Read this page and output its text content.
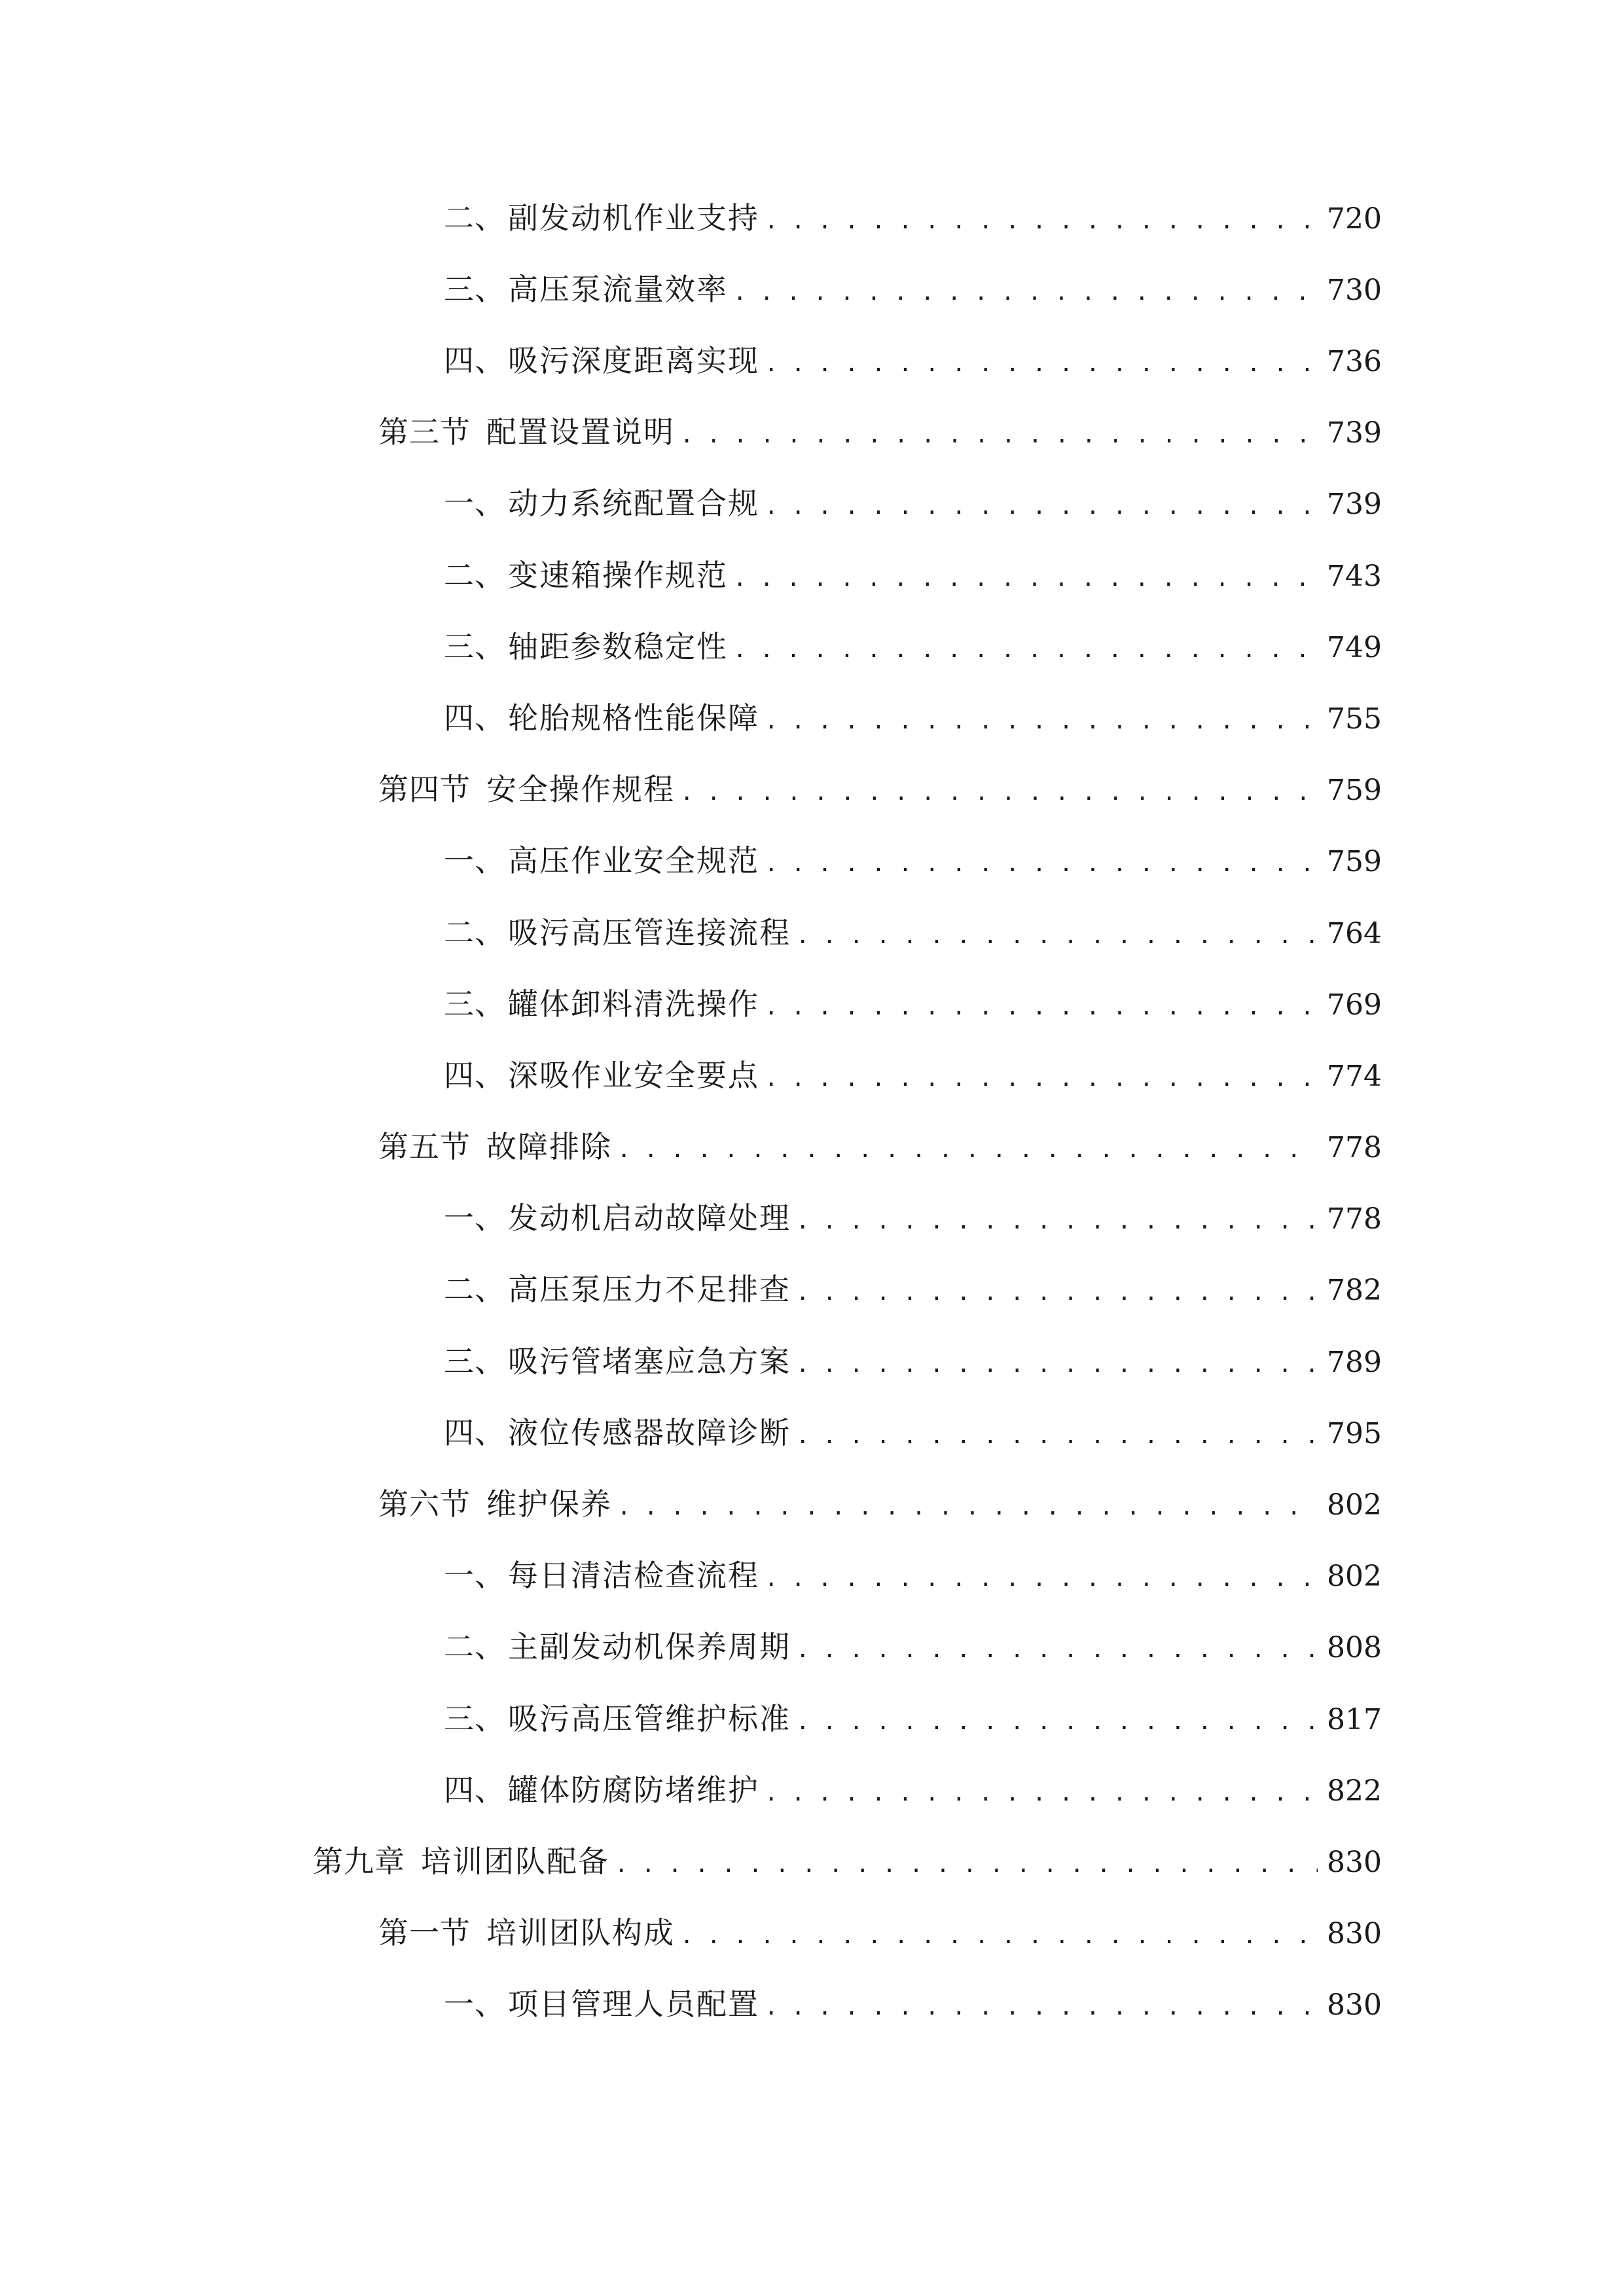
二、 副发动机作业支持 . . .	720
三、 高压泵流量效率 . . .	730
四、 吸污深度距离实现 . . .	736
第三节 配置设置说明 . . .	739
一、 动力系统配置合规 . . .	739
二、 变速箱操作规范 . . .	743
三、 轴距参数稳定性 . . .	749
四、 轮胎规格性能保障 . . .	755
第四节 安全操作规程 . . .	759
一、 高压作业安全规范 . . .	759
二、 吸污高压管连接流程 . . .	764
三、 罐体卸料清洗操作 . . .	769
四、 深吸作业安全要点 . . .	774
第五节 故障排除 . . .	778
一、 发动机启动故障处理 . . .	778
二、 高压泵压力不足排查 . . .	782
三、 吸污管堵塞应急方案 . . .	789
四、 液位传感器故障诊断 . . .	795
第六节 维护保养 . . .	802
一、 每日清洁检查流程 . . .	802
二、 主副发动机保养周期 . . .	808
三、 吸污高压管维护标准 . . .	817
四、 罐体防腐防堵维护 . . .	822
第九章 培训团队配备 . . .	830
第一节 培训团队构成 . . .	830
一、 项目管理人员配置 . . .	830
